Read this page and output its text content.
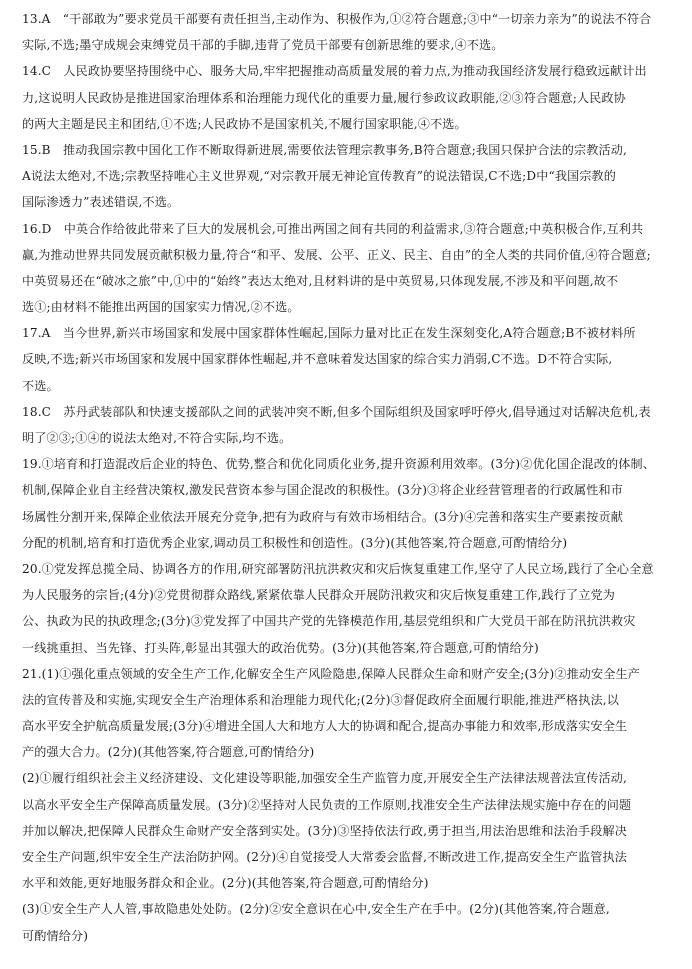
13.A　“干部敢为”要求党员干部要有责任担当,主动作为、积极作为,①②符合题意;③中“一切亲力亲为”的说法不符合
实际,不选;墨守成规会束缚党员干部的手脚,违背了党员干部要有创新思维的要求,④不选。
14.C　人民政协要坚持围绕中心、服务大局,牢牢把握推动高质量发展的着力点,为推动我国经济发展行稳致远献计出
力,这说明人民政协是推进国家治理体系和治理能力现代化的重要力量,履行参政议政职能,②③符合题意;人民政协
的两大主题是民主和团结,①不选;人民政协不是国家机关,不履行国家职能,④不选。
15.B　推动我国宗教中国化工作不断取得新进展,需要依法管理宗教事务,B符合题意;我国只保护合法的宗教活动,
A说法太绝对,不选;宗教坚持唯心主义世界观,“对宗教开展无神论宣传教育”的说法错误,C不选;D中“我国宗教的
国际渗透力”表述错误,不选。
16.D　中英合作给彼此带来了巨大的发展机会,可推出两国之间有共同的利益需求,③符合题意;中英积极合作,互利共
赢,为推动世界共同发展贡献积极力量,符合“和平、发展、公平、正义、民主、自由”的全人类的共同价值,④符合题意;
中英贸易还在“破冰之旅”中,①中的“始终”表达太绝对,且材料讲的是中英贸易,只体现发展,不涉及和平问题,故不
选①;由材料不能推出两国的国家实力情况,②不选。
17.A　当今世界,新兴市场国家和发展中国家群体性崛起,国际力量对比正在发生深刻变化,A符合题意;B不被材料所
反映,不选;新兴市场国家和发展中国家群体性崛起,并不意味着发达国家的综合实力消弱,C不选。D不符合实际,
不选。
18.C　苏丹武装部队和快速支援部队之间的武装冲突不断,但多个国际组织及国家呼吁停火,倡导通过对话解决危机,表
明了②③;①④的说法太绝对,不符合实际,均不选。
19.①培育和打造混改后企业的特色、优势,整合和优化同质化业务,提升资源利用效率。(3分)②优化国企混改的体制、
机制,保障企业自主经营决策权,激发民营资本参与国企混改的积极性。(3分)③将企业经营管理者的行政属性和市
场属性分割开来,保障企业依法开展充分竞争,把有为政府与有效市场相结合。(3分)④完善和落实生产要素按贡献
分配的机制,培育和打造优秀企业家,调动员工积极性和创造性。(3分)(其他答案,符合题意,可酌情给分)
20.①党发挥总揽全局、协调各方的作用,研究部署防汛抗洪救灾和灾后恢复重建工作,坚守了人民立场,践行了全心全意
为人民服务的宗旨;(4分)②党贯彻群众路线,紧紧依靠人民群众开展防汛救灾和灾后恢复重建工作,践行了立党为
公、执政为民的执政理念;(3分)③党发挥了中国共产党的先锋模范作用,基层党组织和广大党员干部在防汛抗洪救灾
一线挑重担、当先锋、打头阵,彰显出其强大的政治优势。(3分)(其他答案,符合题意,可酌情给分)
21.(1)①强化重点领域的安全生产工作,化解安全生产风险隐患,保障人民群众生命和财产安全;(3分)②推动安全生产
法的宣传普及和实施,实现安全生产治理体系和治理能力现代化;(2分)③督促政府全面履行职能,推进严格执法,以
高水平安全护航高质量发展;(3分)④增进全国人大和地方人大的协调和配合,提高办事能力和效率,形成落实安全生
产的强大合力。(2分)(其他答案,符合题意,可酌情给分)
(2)①履行组织社会主义经济建设、文化建设等职能,加强安全生产监管力度,开展安全生产法律法规普法宣传活动,
以高水平安全生产保障高质量发展。(3分)②坚持对人民负责的工作原则,找准安全生产法律法规实施中存在的问题
并加以解决,把保障人民群众生命财产安全落到实处。(3分)③坚持依法行政,勇于担当,用法治思维和法治手段解决
安全生产问题,织牢安全生产法治防护网。(2分)④自觉接受人大常委会监督,不断改进工作,提高安全生产监管执法
水平和效能,更好地服务群众和企业。(2分)(其他答案,符合题意,可酌情给分)
(3)①安全生产人人管,事故隐患处处防。(2分)②安全意识在心中,安全生产在手中。(2分)(其他答案,符合题意,
可酌情给分)
